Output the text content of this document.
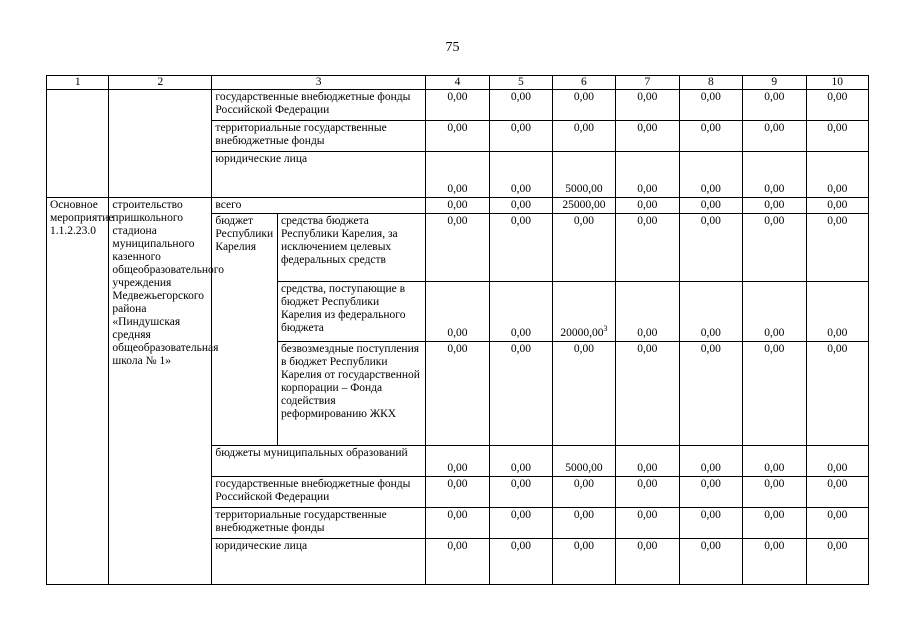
75
1	2	3		4	5	6	7	8	9	10
		государственные внебюджетные фонды Российской Федерации		0,00	0,00	0,00	0,00	0,00	0,00	0,00
		территориальные государственные внебюджетные фонды		0,00	0,00	0,00	0,00	0,00	0,00	0,00
		юридические лица		0,00	0,00	5000,00	0,00	0,00	0,00	0,00
Основное мероприятие 1.1.2.23.0	строительство пришкольного стадиона муниципального казенного общеобразовательного учреждения Медвежьегорского района «Пиндушская средняя общеобразовательная школа № 1»	всего		0,00	0,00	25000,00	0,00	0,00	0,00	0,00
		бюджет Республики Карелия	средства бюджета Республики Карелия, за исключением целевых федеральных средств	0,00	0,00	0,00	0,00	0,00	0,00	0,00
			средства, поступающие в бюджет Республики Карелия из федерального бюджета	0,00	0,00	20000,00$^3$	0,00	0,00	0,00	0,00
			безвозмездные поступления в бюджет Республики Карелия от государственной корпорации – Фонда содействия реформированию ЖКХ	0,00	0,00	0,00	0,00	0,00	0,00	0,00
		бюджеты муниципальных образований		0,00	0,00	5000,00	0,00	0,00	0,00	0,00
		государственные внебюджетные фонды Российской Федерации		0,00	0,00	0,00	0,00	0,00	0,00	0,00
		территориальные государственные внебюджетные фонды		0,00	0,00	0,00	0,00	0,00	0,00	0,00
		юридические лица		0,00	0,00	0,00	0,00	0,00	0,00	0,00
